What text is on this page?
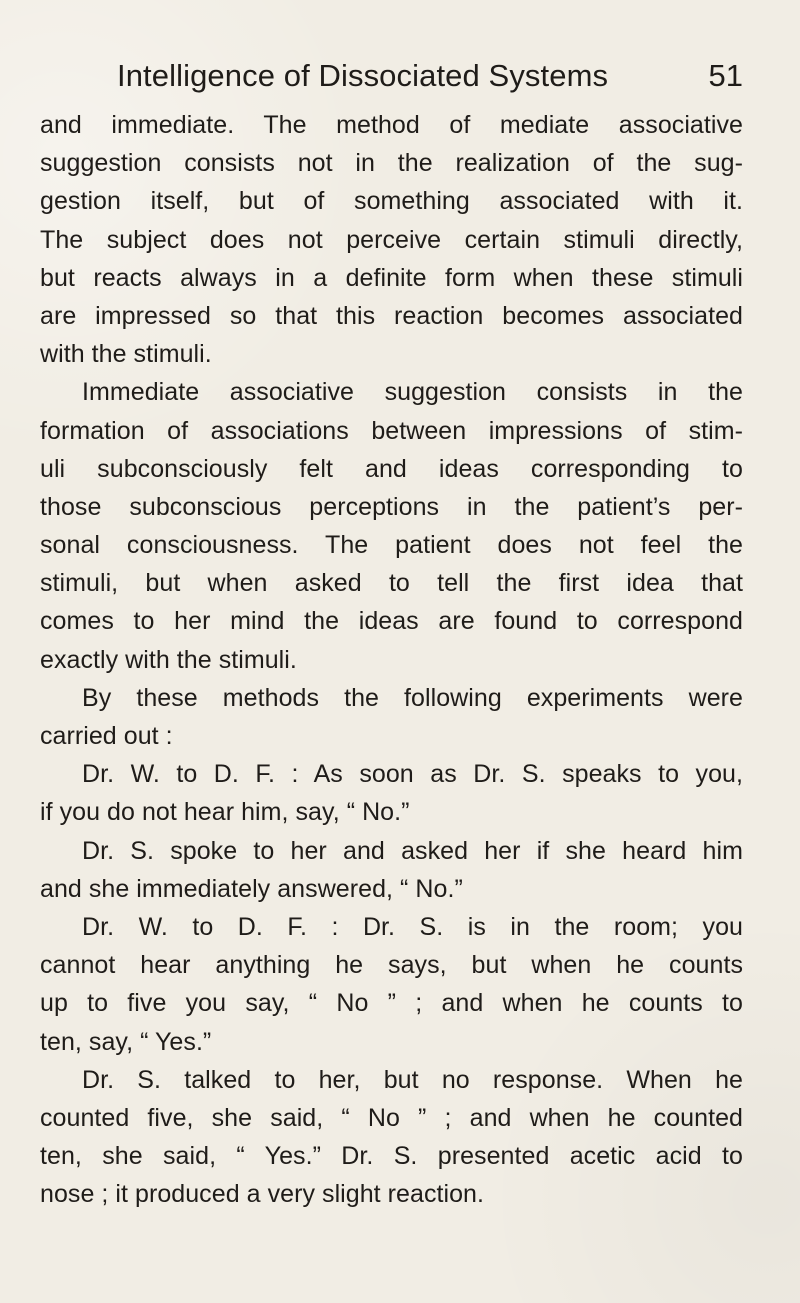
Intelligence of Dissociated Systems	51
and immediate. The method of mediate associative
suggestion consists not in the realization of the sug-
gestion itself, but of something associated with it.
The subject does not perceive certain stimuli directly,
but reacts always in a definite form when these stimuli
are impressed so that this reaction becomes associated
with the stimuli.
Immediate associative suggestion consists in the
formation of associations between impressions of stim-
uli subconsciously felt and ideas corresponding to
those subconscious perceptions in the patient’s per-
sonal consciousness. The patient does not feel the
stimuli, but when asked to tell the first idea that
comes to her mind the ideas are found to correspond
exactly with the stimuli.
By these methods the following experiments were
carried out :
Dr. W. to D. F. : As soon as Dr. S. speaks to you,
if you do not hear him, say, “ No.”
Dr. S. spoke to her and asked her if she heard him
and she immediately answered, “ No.”
Dr. W. to D. F. : Dr. S. is in the room; you
cannot hear anything he says, but when he counts
up to five you say, “ No ” ; and when he counts to
ten, say, “ Yes.”
Dr. S. talked to her, but no response. When he
counted five, she said, “ No ” ; and when he counted
ten, she said, “ Yes.” Dr. S. presented acetic acid to
nose ; it produced a very slight reaction.
